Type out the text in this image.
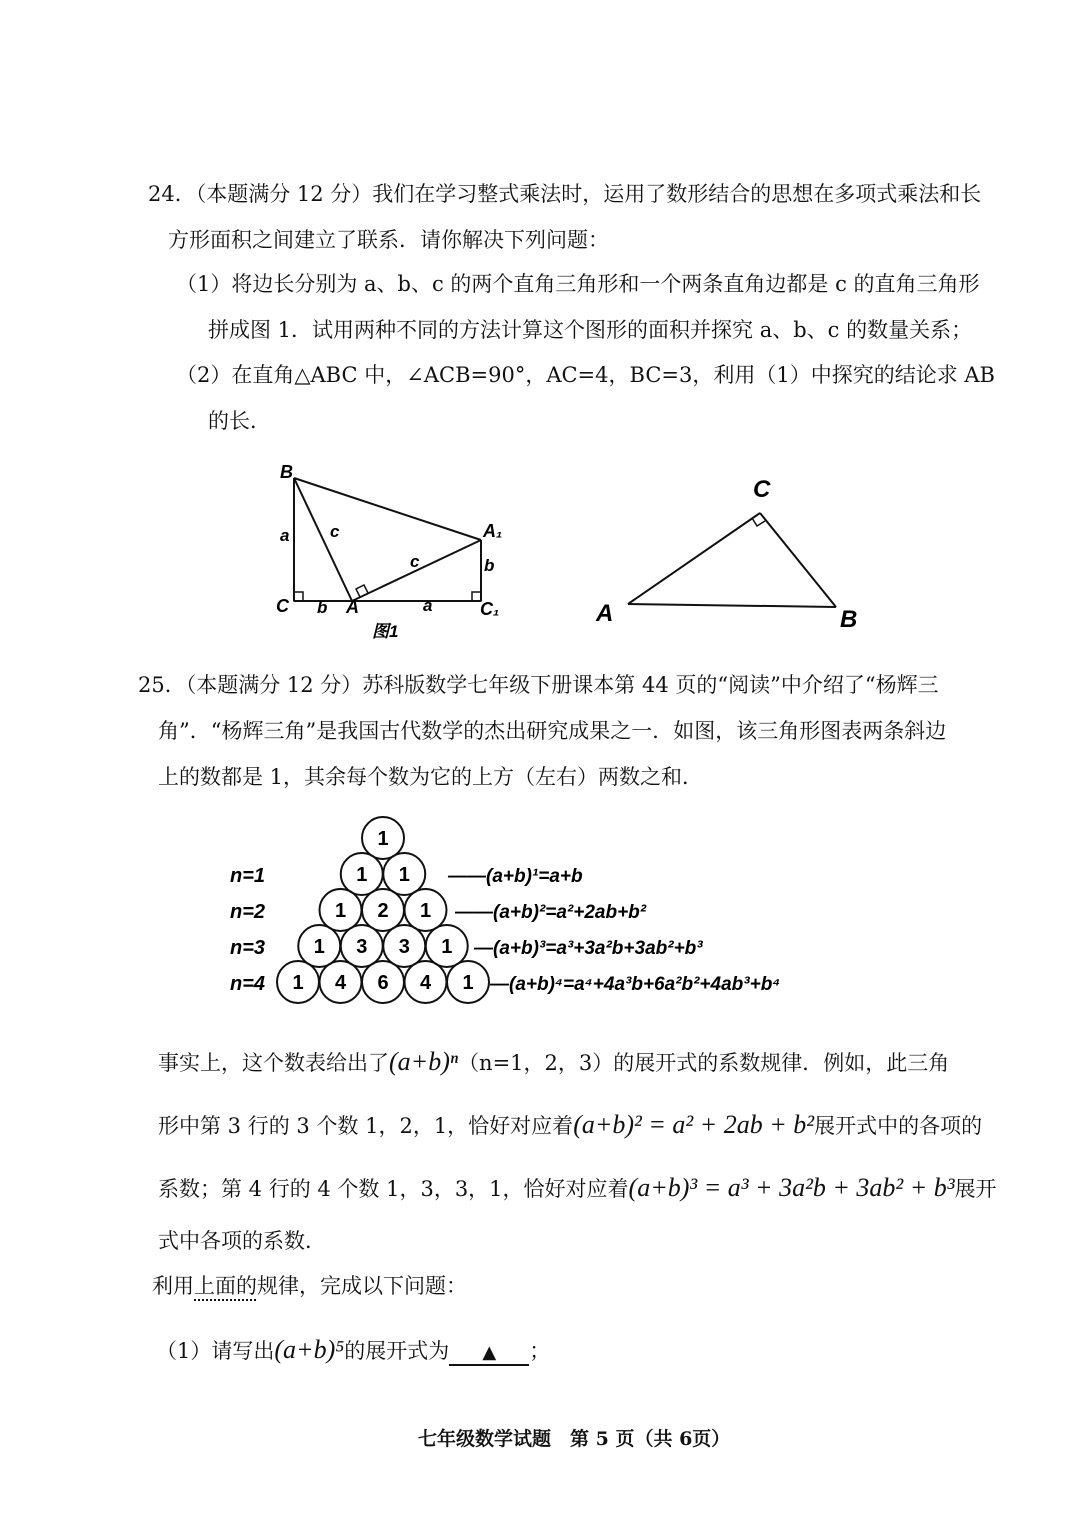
24．（本题满分 12 分）我们在学习整式乘法时，运用了数形结合的思想在多项式乘法和长
方形面积之间建立了联系．请你解决下列问题：
（1）将边长分别为 a、b、c 的两个直角三角形和一个两条直角边都是 c 的直角三角形
拼成图 1．试用两种不同的方法计算这个图形的面积并探究 a、b、c 的数量关系；
（2）在直角△ABC 中，∠ACB=90°，AC=4，BC=3，利用（1）中探究的结论求 AB
的长．
B
C	A
A₁
C₁
a
b
c
c	b
a
图1
C
A	B
25．（本题满分 12 分）苏科版数学七年级下册课本第 44 页的“阅读”中介绍了“杨辉三
角”．“杨辉三角”是我国古代数学的杰出研究成果之一．如图，该三角形图表两条斜边
上的数都是 1，其余每个数为它的上方（左右）两数之和．
1
1 1
n=1	——(a+b)¹=a+b
1 2 1
n=2	——(a+b)²=a²+2ab+b²
1 3 3 1
n=3	—(a+b)³=a³+3a²b+3ab²+b³
1 4 6 4 1
n=4	—(a+b)⁴=a⁴+4a³b+6a²b²+4ab³+b⁴
事实上，这个数表给出了(a+b)ⁿ（n=1，2，3）的展开式的系数规律．例如，此三角
形中第 3 行的 3 个数 1，2，1，恰好对应着(a+b)² = a² + 2ab + b²展开式中的各项的
系数；第 4 行的 4 个数 1，3，3，1，恰好对应着(a+b)³ = a³ + 3a²b + 3ab² + b³展开
式中各项的系数．
利用上面的规律，完成以下问题：
（1）请写出(a+b)⁵的展开式为 ▲ ；
七年级数学试题　第 5 页（共 6页）
